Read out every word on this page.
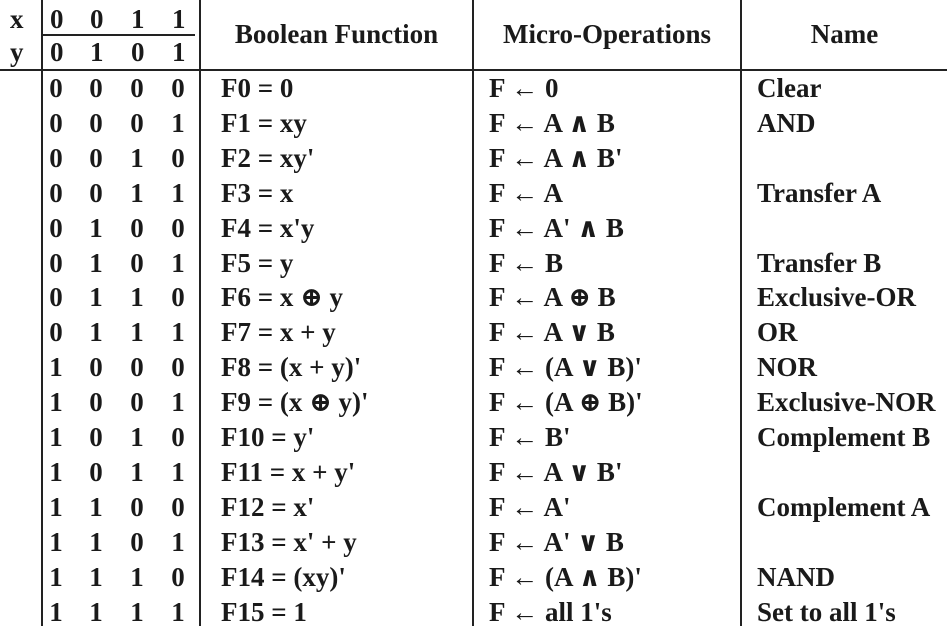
x
y
0 0 1 1
0 1 0 1
Boolean Function	Micro-Operations	Name
0 0 0 0 F0 = 0	F ← 0	Clear
0 0 0 1 F1 = xy	F ← A ∧ B	AND
0 0 1 0 F2 = xy'	F ← A ∧ B'
0 0 1 1 F3 = x	F ← A	Transfer A
0 1 0 0 F4 = x'y	F ← A' ∧ B
0 1 0 1 F5 = y	F ← B	Transfer B
0 1 1 0 F6 = x ⊕ y	F ← A ⊕ B	Exclusive-OR
0 1 1 1 F7 = x + y	F ← A ∨ B	OR
1 0 0 0 F8 = (x + y)'	F ← (A ∨ B)'	NOR
1 0 0 1 F9 = (x ⊕ y)'	F ← (A ⊕ B)'	Exclusive-NOR
1 0 1 0 F10 = y'	F ← B'	Complement B
1 0 1 1 F11 = x + y'	F ← A ∨ B'
1 1 0 0 F12 = x'	F ← A'	Complement A
1 1 0 1 F13 = x' + y	F ← A' ∨ B
1 1 1 0 F14 = (xy)'	F ← (A ∧ B)'	NAND
1 1 1 1 F15 = 1	F ← all 1's	Set to all 1's
